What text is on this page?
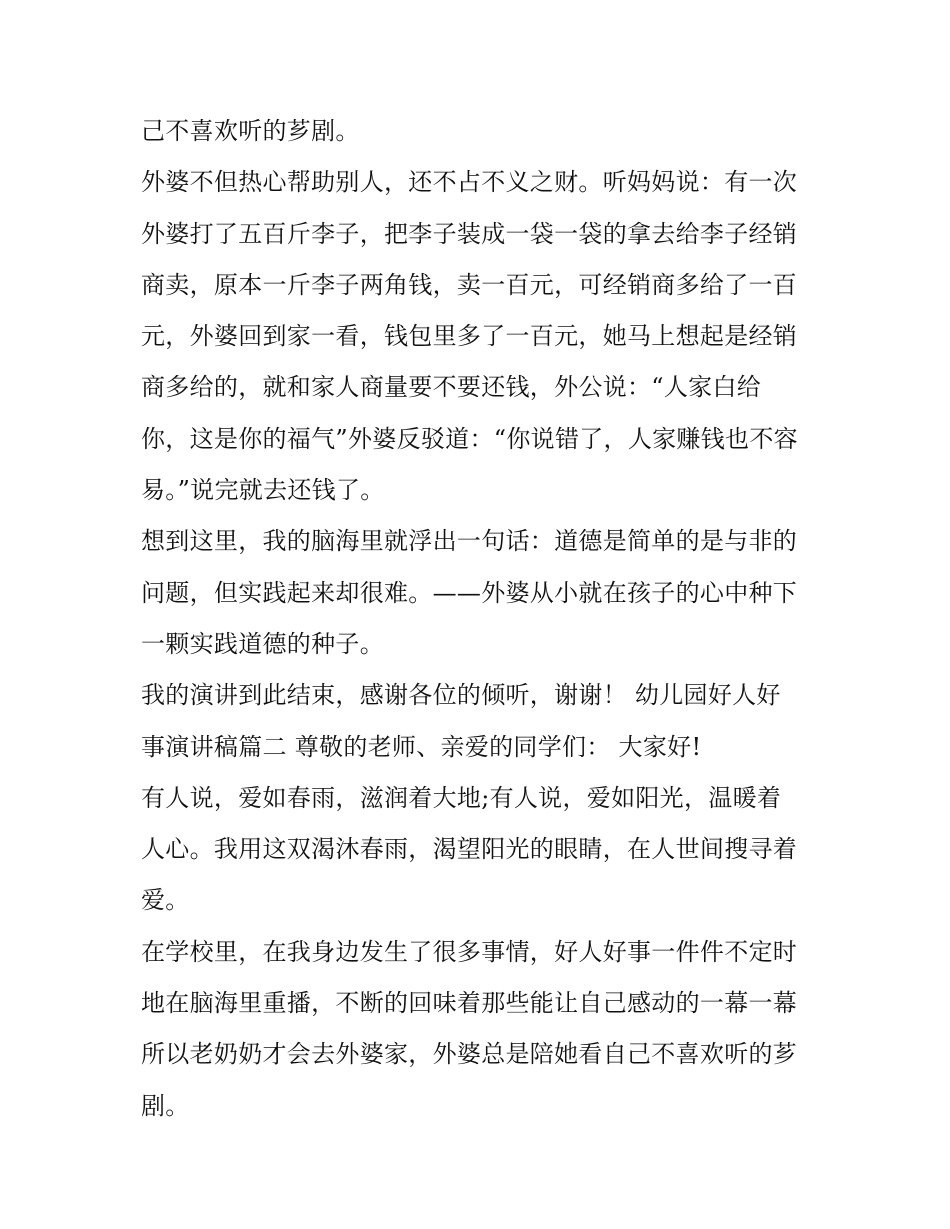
己不喜欢听的芗剧。
外婆不但热心帮助别人，还不占不义之财。听妈妈说：有一次
外婆打了五百斤李子，把李子装成一袋一袋的拿去给李子经销
商卖，原本一斤李子两角钱，卖一百元，可经销商多给了一百
元，外婆回到家一看，钱包里多了一百元，她马上想起是经销
商多给的，就和家人商量要不要还钱，外公说：“人家白给
你，这是你的福气”外婆反驳道：“你说错了，人家赚钱也不容
易。”说完就去还钱了。
想到这里，我的脑海里就浮出一句话：道德是简单的是与非的
问题，但实践起来却很难。——外婆从小就在孩子的心中种下
一颗实践道德的种子。
我的演讲到此结束，感谢各位的倾听，谢谢！ 幼儿园好人好
事演讲稿篇二 尊敬的老师、亲爱的同学们： 大家好!
有人说，爱如春雨，滋润着大地;有人说，爱如阳光，温暖着
人心。我用这双渴沐春雨，渴望阳光的眼睛，在人世间搜寻着
爱。
在学校里，在我身边发生了很多事情，好人好事一件件不定时
地在脑海里重播，不断的回味着那些能让自己感动的一幕一幕
所以老奶奶才会去外婆家，外婆总是陪她看自己不喜欢听的芗
剧。
